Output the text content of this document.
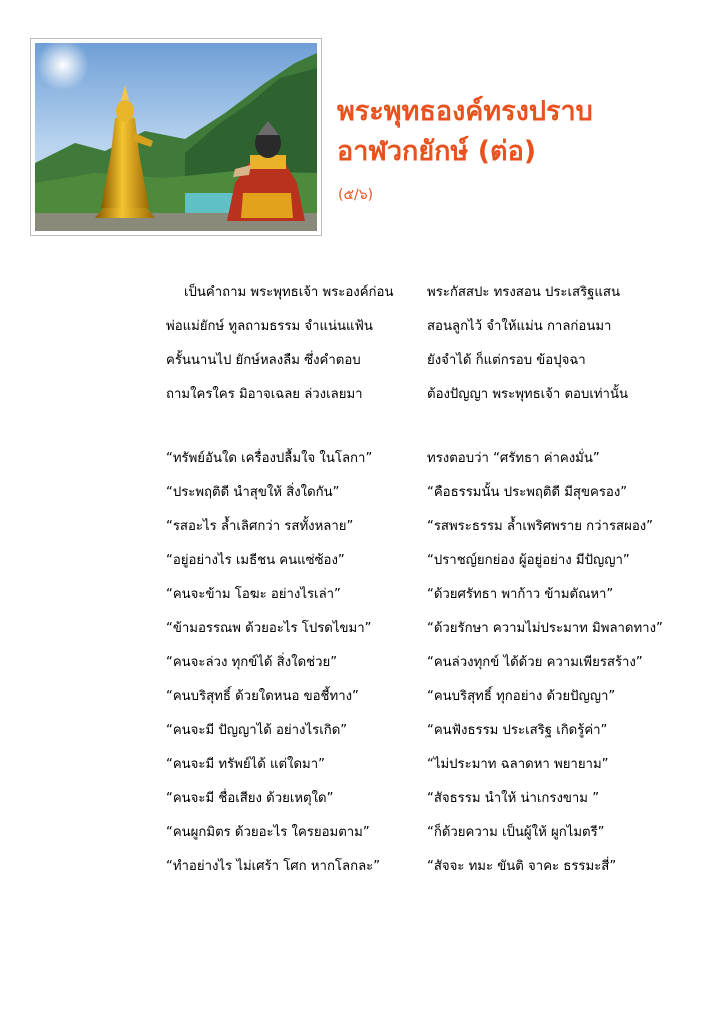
พระพุทธองค์ทรงปราบ
อาฬวกยักษ์ (ต่อ)
(๕/๖)
เป็นคำถาม พระพุทธเจ้า พระองค์ก่อน	พระกัสสปะ ทรงสอน ประเสริฐแสน
พ่อแม่ยักษ์ ทูลถามธรรม จำแน่นแฟ้น	สอนลูกไว้ จำให้แม่น กาลก่อนมา
ครั้นนานไป ยักษ์หลงลืม ซึ่งคำตอบ	ยังจำได้ ก็แต่กรอบ ข้อปุจฉา
ถามใครใคร มิอาจเฉลย ล่วงเลยมา	ต้องปัญญา พระพุทธเจ้า ตอบเท่านั้น
“ทรัพย์อันใด เครื่องปลื้มใจ ในโลกา”	ทรงตอบว่า “ศรัทธา ค่าคงมั่น”
“ประพฤติดี นำสุขให้ สิ่งใดกัน”	“คือธรรมนั้น ประพฤติดี มีสุขครอง”
“รสอะไร ล้ำเลิศกว่า รสทั้งหลาย”	“รสพระธรรม ล้ำเพริศพราย กว่ารสผอง”
“อยู่อย่างไร เมธีชน คนแซ่ซ้อง”	“ปราชญ์ยกย่อง ผู้อยู่อย่าง มีปัญญา”
“คนจะข้าม โอฆะ อย่างไรเล่า”	“ด้วยศรัทธา พาก้าว ข้ามตัณหา”
“ข้ามอรรณพ ด้วยอะไร โปรดไขมา”	“ด้วยรักษา ความไม่ประมาท มิพลาดทาง”
“คนจะล่วง ทุกข์ได้ สิ่งใดช่วย”	“คนล่วงทุกข์ ได้ด้วย ความเพียรสร้าง”
“คนบริสุทธิ์ ด้วยใดหนอ ขอชี้ทาง”	“คนบริสุทธิ์ ทุกอย่าง ด้วยปัญญา”
“คนจะมี ปัญญาได้ อย่างไรเกิด”	“คนฟังธรรม ประเสริฐ เกิดรู้ค่า”
“คนจะมี ทรัพย์ได้ แต่ใดมา”	“ไม่ประมาท ฉลาดหา พยายาม”
“คนจะมี ชื่อเสียง ด้วยเหตุใด”	“สัจธรรม นำให้ น่าเกรงขาม ”
“คนผูกมิตร ด้วยอะไร ใครยอมตาม”	“ก็ด้วยความ เป็นผู้ให้ ผูกไมตรี”
“ทำอย่างไร ไม่เศร้า โศก หากโลกละ”	“สัจจะ ทมะ ขันติ จาคะ ธรรมะสี่”
